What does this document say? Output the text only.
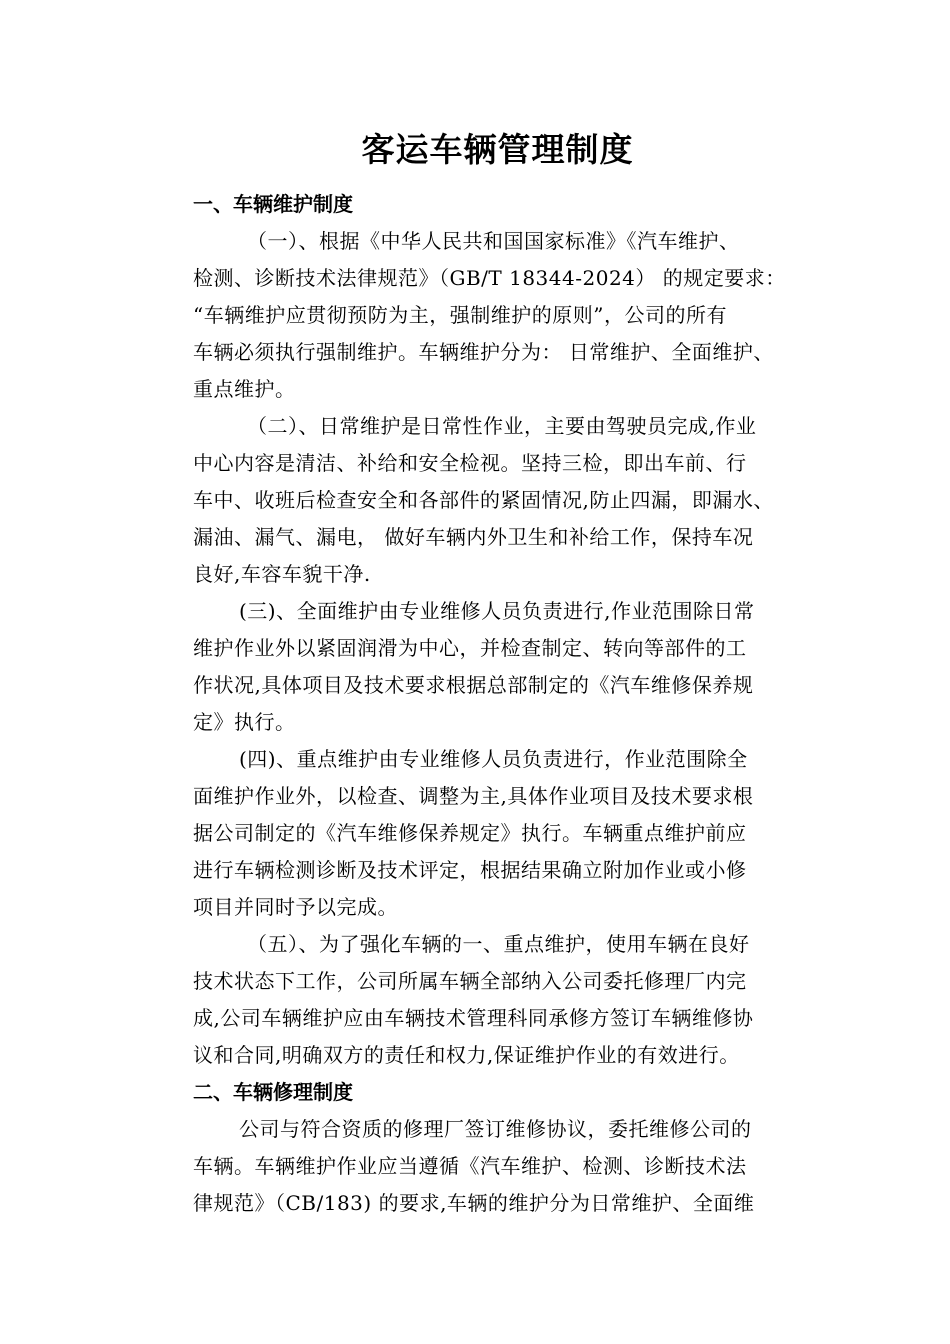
客运车辆管理制度
一、车辆维护制度
（一）、根据《中华人民共和国国家标准》《汽车维护、
检测、诊断技术法律规范》（GB/T 18344-2024） 的规定要求：
“车辆维护应贯彻预防为主，强制维护的原则”，公司的所有
车辆必须执行强制维护。车辆维护分为： 日常维护、全面维护、
重点维护。
（二）、日常维护是日常性作业，主要由驾驶员完成,作业
中心内容是清洁、补给和安全检视。坚持三检，即出车前、行
车中、收班后检查安全和各部件的紧固情况,防止四漏，即漏水、
漏油、漏气、漏电， 做好车辆内外卫生和补给工作，保持车况
良好,车容车貌干净.
(三)、全面维护由专业维修人员负责进行,作业范围除日常
维护作业外以紧固润滑为中心，并检查制定、转向等部件的工
作状况,具体项目及技术要求根据总部制定的《汽车维修保养规
定》执行。
(四)、重点维护由专业维修人员负责进行，作业范围除全
面维护作业外，以检查、调整为主,具体作业项目及技术要求根
据公司制定的《汽车维修保养规定》执行。车辆重点维护前应
进行车辆检测诊断及技术评定，根据结果确立附加作业或小修
项目并同时予以完成。
（五）、为了强化车辆的一、重点维护，使用车辆在良好
技术状态下工作，公司所属车辆全部纳入公司委托修理厂内完
成,公司车辆维护应由车辆技术管理科同承修方签订车辆维修协
议和合同,明确双方的责任和权力,保证维护作业的有效进行。
二、车辆修理制度
公司与符合资质的修理厂签订维修协议，委托维修公司的
车辆。车辆维护作业应当遵循《汽车维护、检测、诊断技术法
律规范》（CB/183) 的要求,车辆的维护分为日常维护、全面维
